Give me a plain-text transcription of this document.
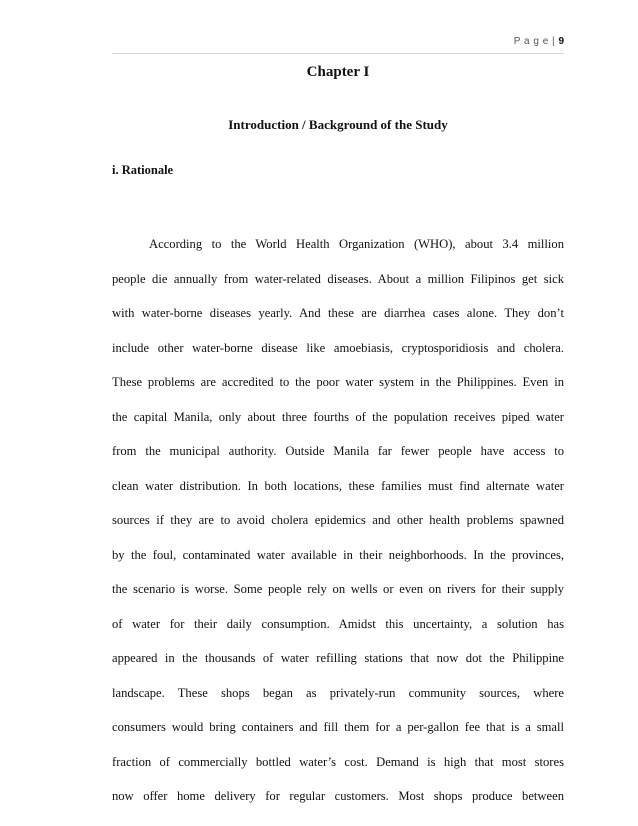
P a g e | 9
Chapter I
Introduction / Background of the Study
i. Rationale
According to the World Health Organization (WHO), about 3.4 million
people die annually from water-related diseases. About a million Filipinos get sick
with water-borne diseases yearly. And these are diarrhea cases alone. They don’t
include other water-borne disease like amoebiasis, cryptosporidiosis and cholera.
These problems are accredited to the poor water system in the Philippines. Even in
the capital Manila, only about three fourths of the population receives piped water
from the municipal authority. Outside Manila far fewer people have access to
clean water distribution. In both locations, these families must find alternate water
sources if they are to avoid cholera epidemics and other health problems spawned
by the foul, contaminated water available in their neighborhoods. In the provinces,
the scenario is worse. Some people rely on wells or even on rivers for their supply
of water for their daily consumption. Amidst this uncertainty, a solution has
appeared in the thousands of water refilling stations that now dot the Philippine
landscape. These shops began as privately-run community sources, where
consumers would bring containers and fill them for a per-gallon fee that is a small
fraction of commercially bottled water’s cost. Demand is high that most stores
now offer home delivery for regular customers. Most shops produce between
